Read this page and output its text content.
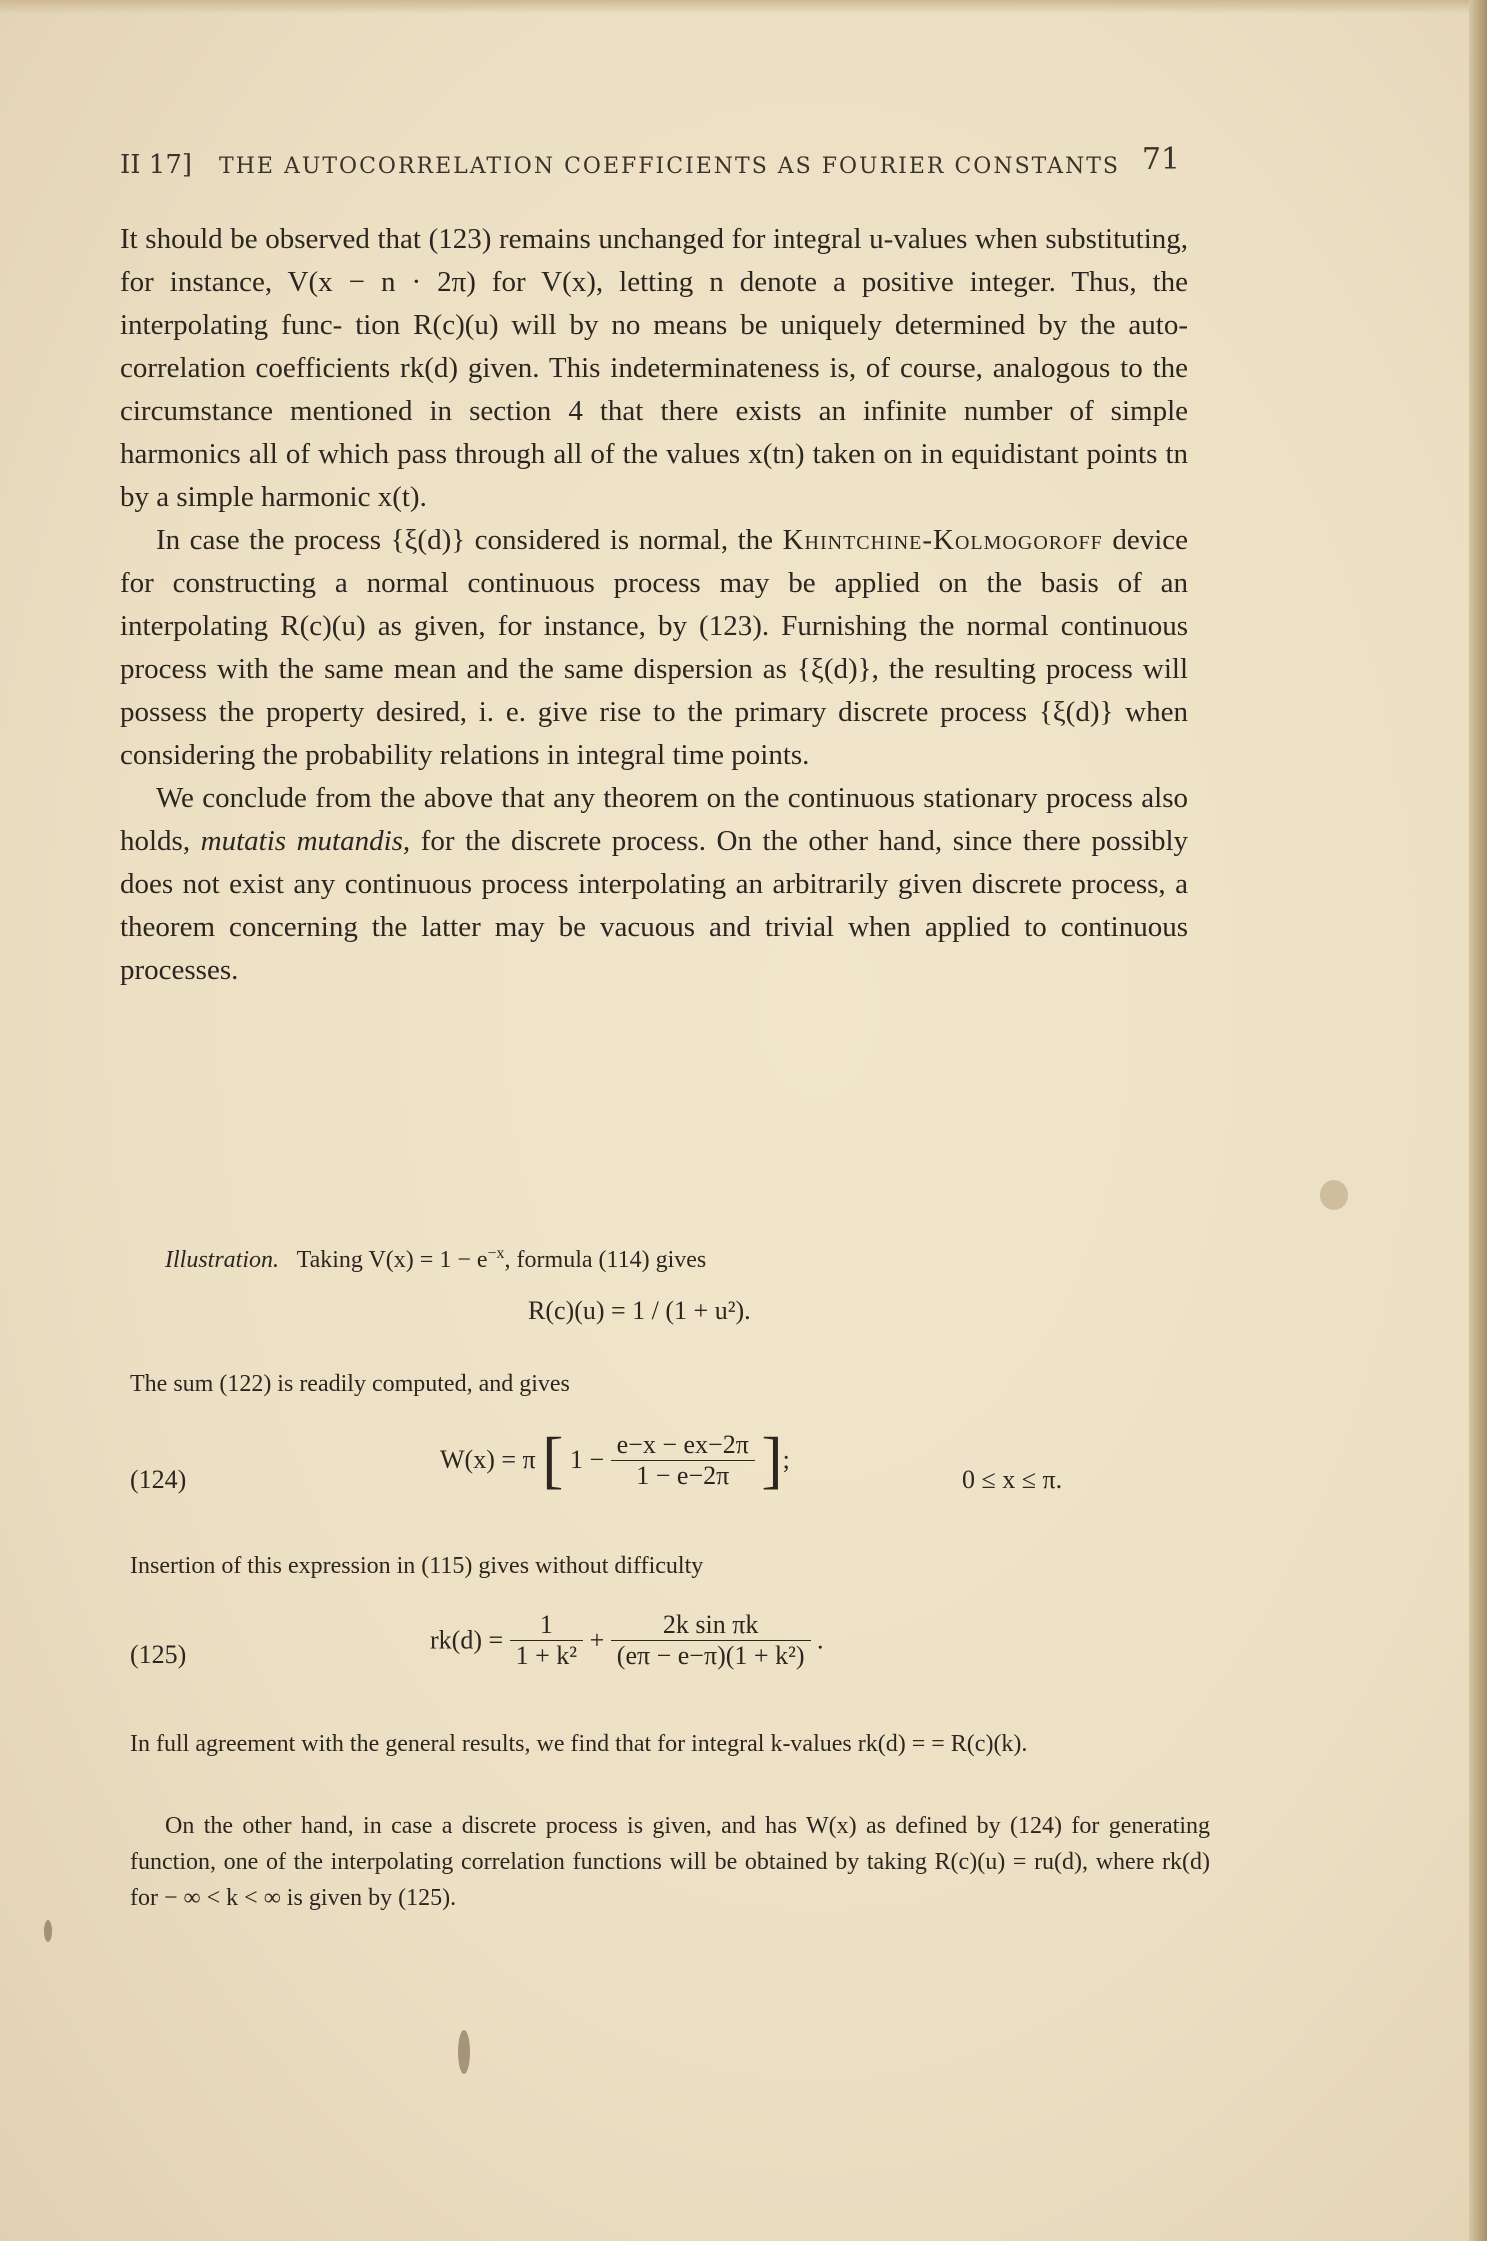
II 17] THE AUTOCORRELATION COEFFICIENTS AS FOURIER CONSTANTS 71

It should be observed that (123) remains unchanged for integral u-values when substituting, for instance, V(x − n · 2π) for V(x), letting n denote a positive integer. Thus, the interpolating func- tion R(c)(u) will by no means be uniquely determined by the auto- correlation coefficients rk(d) given. This indeterminateness is, of course, analogous to the circumstance mentioned in section 4 that there exists an infinite number of simple harmonics all of which pass through all of the values x(tn) taken on in equidistant points tn by a simple harmonic x(t).

In case the process {ξ(d)} considered is normal, the Khintchine-Kolmogoroff device for constructing a normal continuous process may be applied on the basis of an interpolating R(c)(u) as given, for instance, by (123). Furnishing the normal continuous process with the same mean and the same dispersion as {ξ(d)}, the resulting process will possess the property desired, i. e. give rise to the primary discrete process {ξ(d)} when considering the probability relations in integral time points.

We conclude from the above that any theorem on the continuous stationary process also holds, mutatis mutandis, for the discrete process. On the other hand, since there possibly does not exist any continuous process interpolating an arbitrarily given discrete process, a theorem concerning the latter may be vacuous and trivial when applied to continuous processes.

Illustration. Taking $V(x) = 1 - e^{-x}$, formula (114) gives
R(c)(u) = 1 / (1 + u²).
The sum (122) is readily computed, and gives
(124)
W(x) = π [ $1 - \frac{e-x - ex-2\pi}{1 - e-2\pi}$ ];
0 ≤ x ≤ π.
Insertion of this expression in (115) gives without difficulty
(125)	$rk(d) = \frac{1}{\text{1 + k²}} + \frac{\text{2k sin πk}}{\text{(eπ − e−π)(1 + k²)}}$ .
In full agreement with the general results, we find that for integral k-values rk(d) = = R(c)(k).
On the other hand, in case a discrete process is given, and has W(x) as defined by (124) for generating function, one of the interpolating correlation functions will be obtained by taking R(c)(u) = ru(d), where rk(d) for − ∞ < k < ∞ is given by (125).
